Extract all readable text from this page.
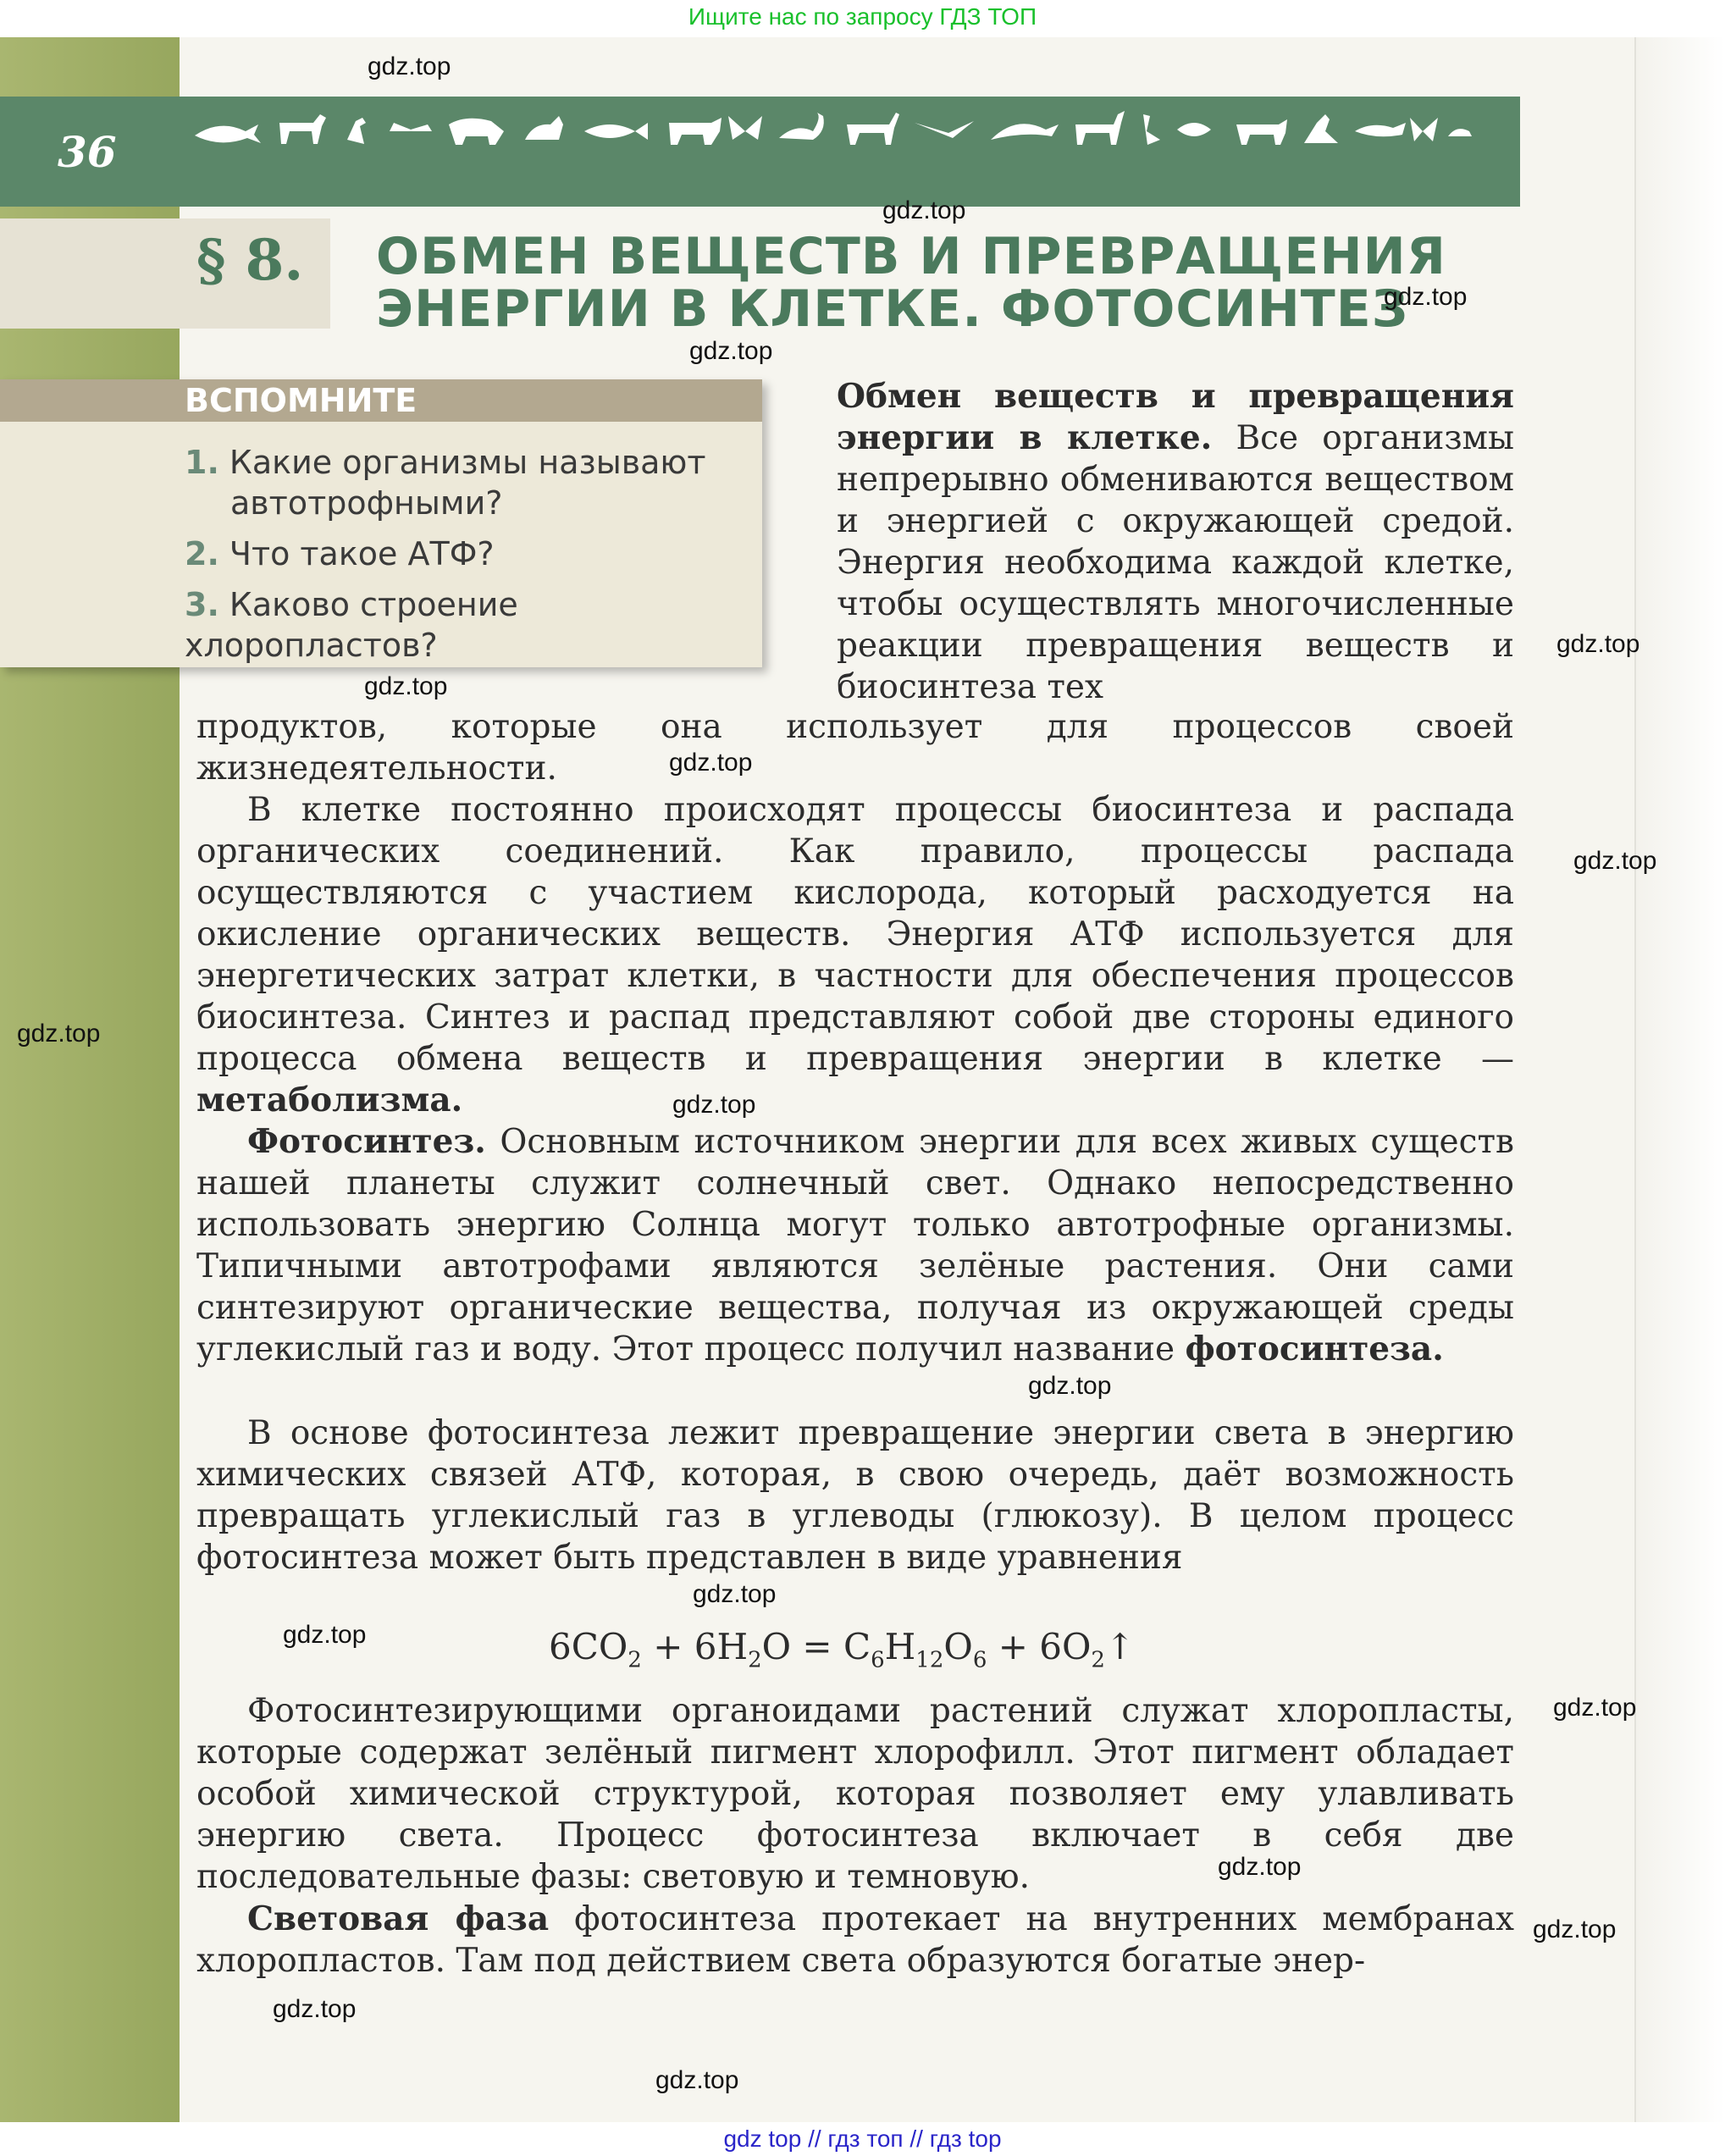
Ищите нас по запросу ГДЗ ТОП
36
§ 8. ОБМЕН ВЕЩЕСТВ И ПРЕВРАЩЕНИЯ
ЭНЕРГИИ В КЛЕТКЕ. ФОТОСИНТЕЗ
ВСПОМНИТЕ
1. Какие организмы называют
автотрофными?
2. Что такое АТФ?
3. Каково строение хлоропластов?
Обмен веществ и превращения энергии в клетке. Все организмы непрерывно обмениваются веществом и энергией с окружающей средой. Энергия необходима каждой клетке, чтобы осуществлять многочисленные реакции превращения веществ и биосинтеза тех
продуктов, которые она использует для процессов своей жизнедеятельности.
В клетке постоянно происходят процессы биосинтеза и распада органических соединений. Как правило, процессы распада осуществляются с участием кислорода, который расходуется на окисление органических веществ. Энергия АТФ используется для энергетических затрат клетки, в частности для обеспечения процессов биосинтеза. Синтез и распад представляют собой две стороны единого процесса обмена веществ и превращения энергии в клетке — метаболизма.
Фотосинтез. Основным источником энергии для всех живых существ нашей планеты служит солнечный свет. Однако непосредственно использовать энергию Солнца могут только автотрофные организмы. Типичными автотрофами являются зелёные растения. Они сами синтезируют органические вещества, получая из окружающей среды углекислый газ и воду. Этот процесс получил название фотосинтеза.
В основе фотосинтеза лежит превращение энергии света в энергию химических связей АТФ, которая, в свою очередь, даёт возможность превращать углекислый газ в углеводы (глюкозу). В целом процесс фотосинтеза может быть представлен в виде уравнения
$6CO_2 + 6H_2O = C_6H_{12}O_6$ + $6O_2↑$
Фотосинтезирующими органоидами растений служат хлоропласты, которые содержат зелёный пигмент хлорофилл. Этот пигмент обладает особой химической структурой, которая позволяет ему улавливать энергию света. Процесс фотосинтеза включает в себя две последовательные фазы: световую и темновую.
Световая фаза фотосинтеза протекает на внутренних мембранах хлоропластов. Там под действием света образуются богатые энер-
gdz.top
gdz.top
gdz.top
gdz.top
gdz.top
gdz.top
gdz.top
gdz.top
gdz.top
gdz.top
gdz.top
gdz.top
gdz.top
gdz.top
gdz.top
gdz.top
gdz.top
gdz.top
gdz top // гдз топ // гдз top
